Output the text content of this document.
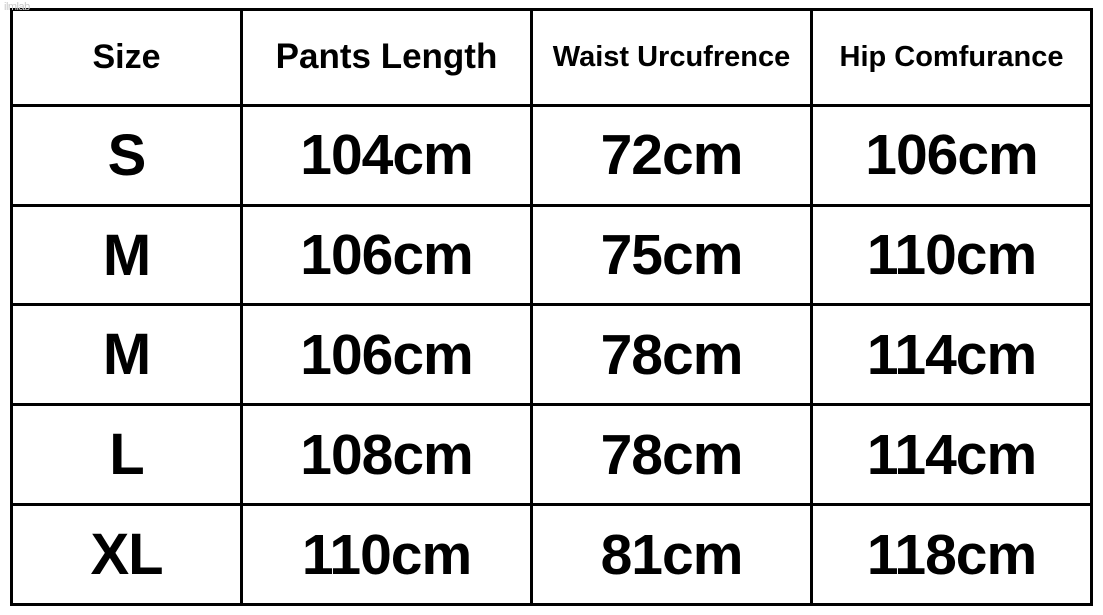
ilmlab
Size	Pants Length	Waist Urcufrence	Hip Comfurance
S	104cm	72cm	106cm
M	106cm	75cm	110cm
M	106cm	78cm	114cm
L	108cm	78cm	114cm
XL	110cm	81cm	118cm
